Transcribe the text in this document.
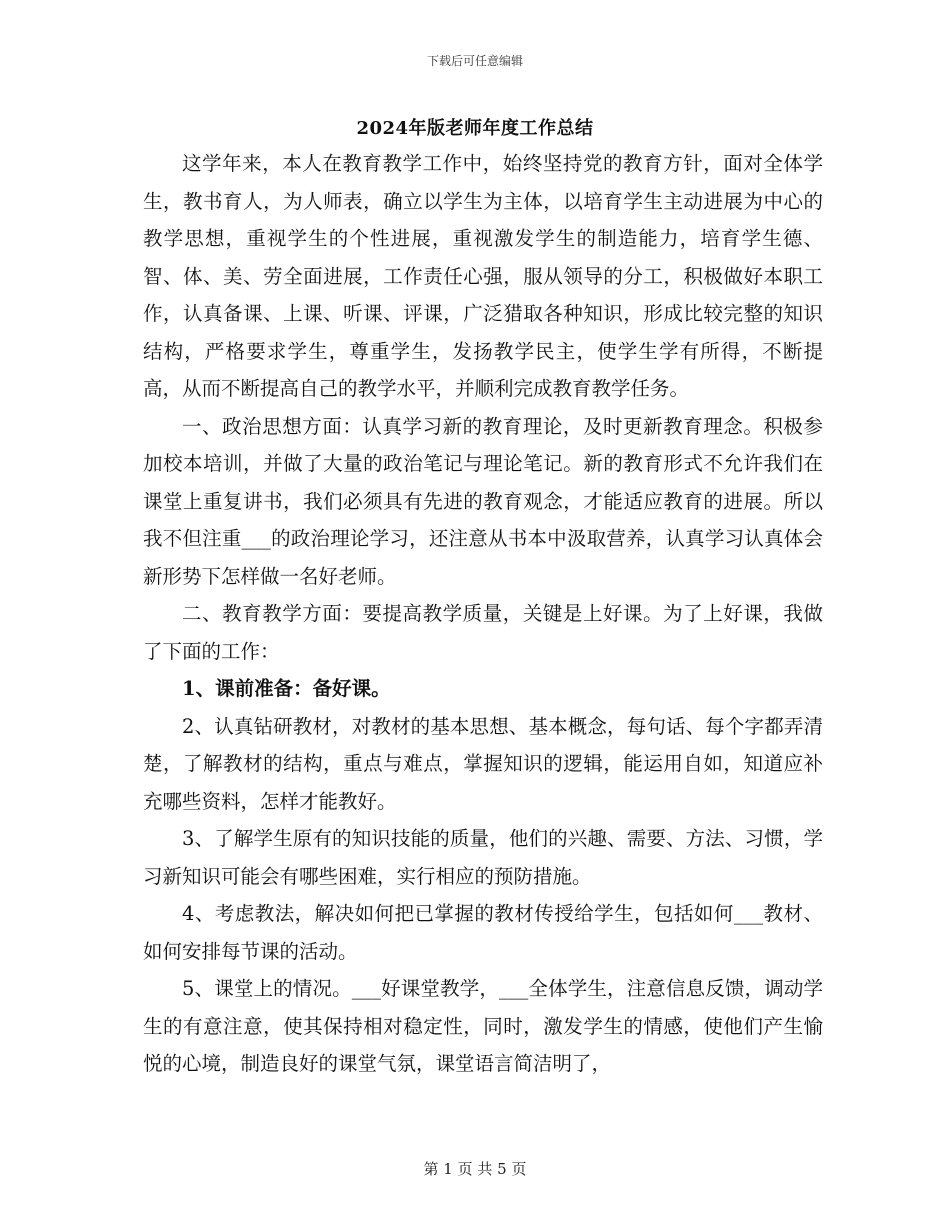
下载后可任意编辑
2024年版老师年度工作总结

这学年来，本人在教育教学工作中，始终坚持党的教育方针，面对全体学生，教书育人，为人师表，确立以学生为主体，以培育学生主动进展为中心的教学思想，重视学生的个性进展，重视激发学生的制造能力，培育学生德、智、体、美、劳全面进展，工作责任心强，服从领导的分工，积极做好本职工作，认真备课、上课、听课、评课，广泛猎取各种知识，形成比较完整的知识结构，严格要求学生，尊重学生，发扬教学民主，使学生学有所得，不断提高，从而不断提高自己的教学水平，并顺利完成教育教学任务。

一、政治思想方面：认真学习新的教育理论，及时更新教育理念。积极参加校本培训，并做了大量的政治笔记与理论笔记。新的教育形式不允许我们在课堂上重复讲书，我们必须具有先进的教育观念，才能适应教育的进展。所以我不但注重___的政治理论学习，还注意从书本中汲取营养，认真学习认真体会新形势下怎样做一名好老师。

二、教育教学方面：要提高教学质量，关键是上好课。为了上好课，我做了下面的工作：

1、课前准备：备好课。

2、认真钻研教材，对教材的基本思想、基本概念，每句话、每个字都弄清楚，了解教材的结构，重点与难点，掌握知识的逻辑，能运用自如，知道应补充哪些资料，怎样才能教好。

3、了解学生原有的知识技能的质量，他们的兴趣、需要、方法、习惯，学习新知识可能会有哪些困难，实行相应的预防措施。

4、考虑教法，解决如何把已掌握的教材传授给学生，包括如何___教材、如何安排每节课的活动。

5、课堂上的情况。___好课堂教学，___全体学生，注意信息反馈，调动学生的有意注意，使其保持相对稳定性，同时，激发学生的情感，使他们产生愉悦的心境，制造良好的课堂气氛，课堂语言简洁明了，

第 1 页 共 5 页
